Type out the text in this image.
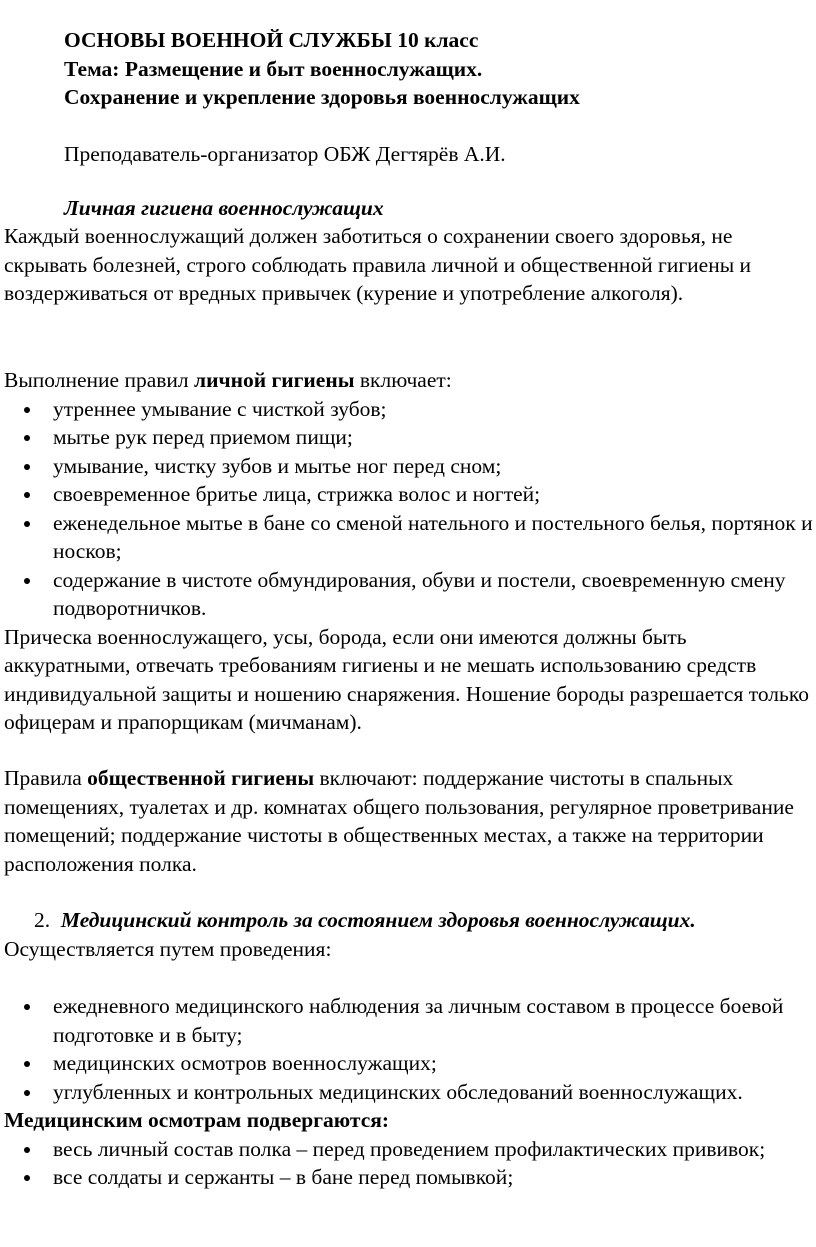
ОСНОВЫ ВОЕННОЙ СЛУЖБЫ 10 класс

Тема: Размещение и быт военнослужащих.

Сохранение и укрепление здоровья военнослужащих

Преподаватель-организатор ОБЖ Дегтярёв А.И.

Личная гигиена военнослужащих

Каждый военнослужащий должен заботиться о сохранении своего здоровья, не скрывать болезней, строго соблюдать правила личной и общественной гигиены и воздерживаться от вредных привычек (курение и употребление алкоголя).

Выполнение правил личной гигиены включает:

утреннее умывание с чисткой зубов;
мытье рук перед приемом пищи;
умывание, чистку зубов и мытье ног перед сном;
своевременное бритье лица, стрижка волос и ногтей;
еженедельное мытье в бане со сменой нательного и постельного белья, портянок и носков;
содержание в чистоте обмундирования, обуви и постели, своевременную смену подворотничков.

Прическа военнослужащего, усы, борода, если они имеются должны быть аккуратными, отвечать требованиям гигиены и не мешать использованию средств индивидуальной защиты и ношению снаряжения. Ношение бороды разрешается только офицерам и прапорщикам (мичманам).

Правила общественной гигиены включают: поддержание чистоты в спальных помещениях, туалетах и др. комнатах общего пользования, регулярное проветривание помещений; поддержание чистоты в общественных местах, а также на территории расположения полка.

2. Медицинский контроль за состоянием здоровья военнослужащих.

Осуществляется путем проведения:

ежедневного медицинского наблюдения за личным составом в процессе боевой подготовке и в быту;
медицинских осмотров военнослужащих;
углубленных и контрольных медицинских обследований военнослужащих.

Медицинским осмотрам подвергаются:

весь личный состав полка – перед проведением профилактических прививок;
все солдаты и сержанты – в бане перед помывкой;
